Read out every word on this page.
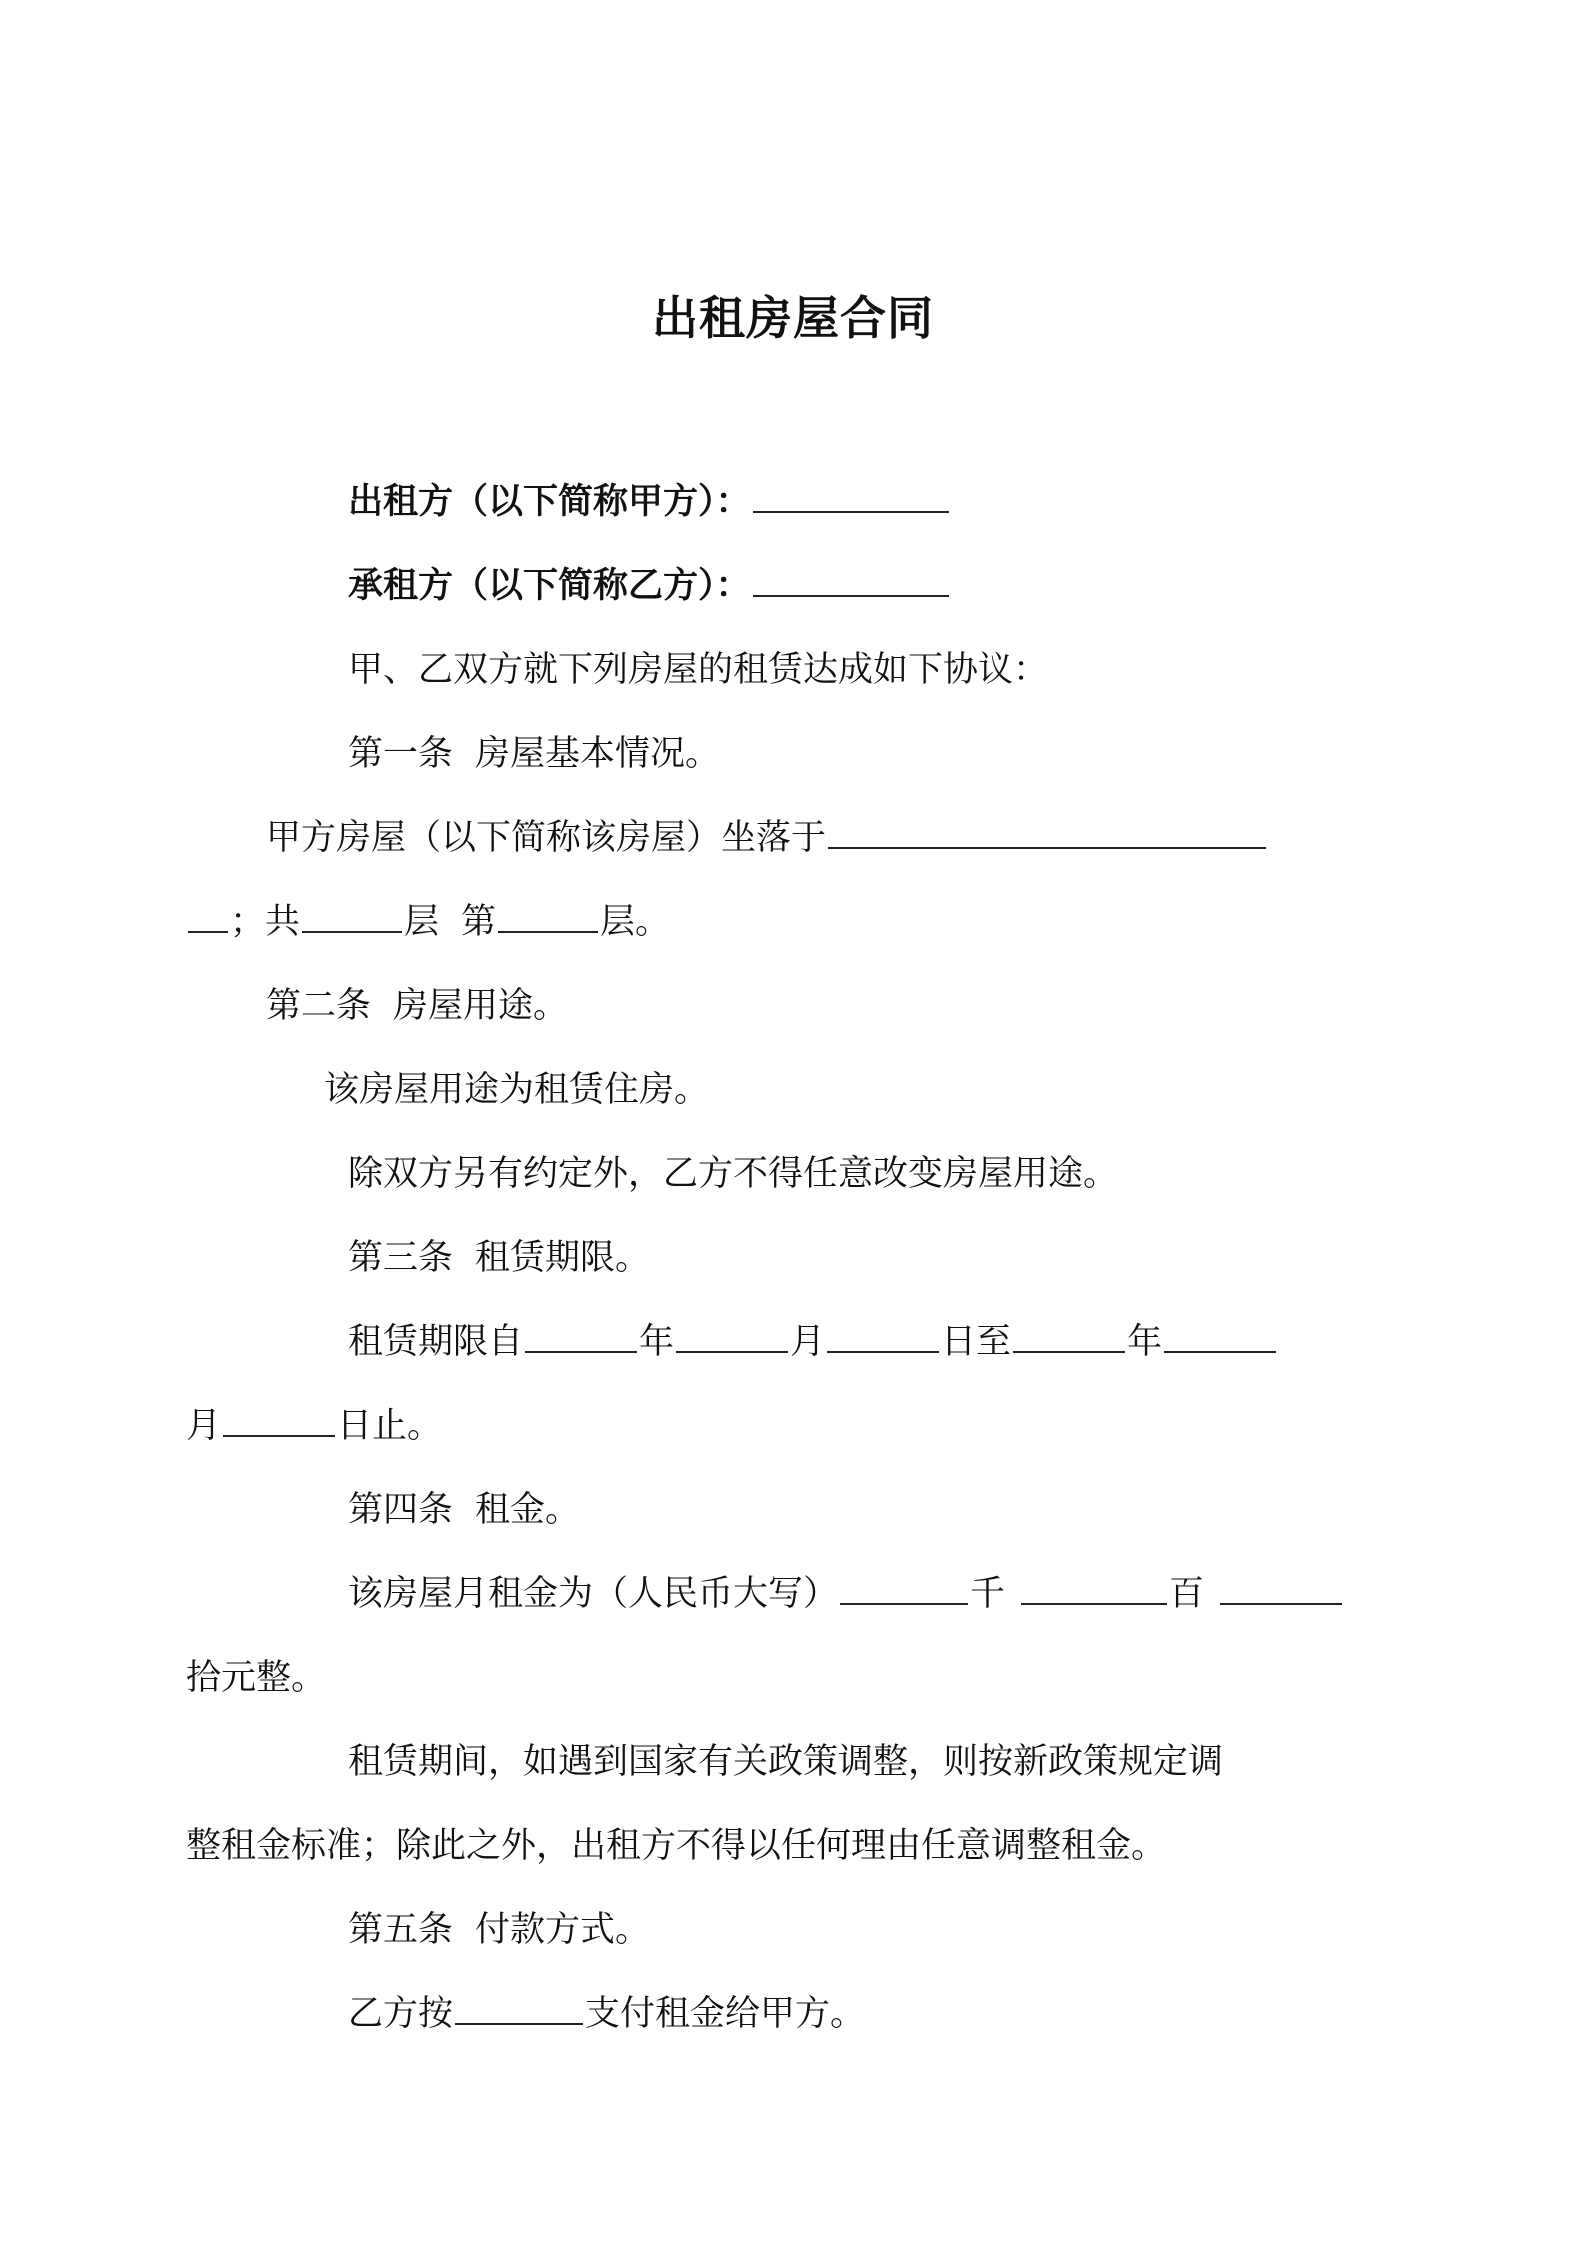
出租房屋合同
出租方（以下简称甲方）：
承租方（以下简称乙方）：
甲、乙双方就下列房屋的租赁达成如下协议：
第一条 房屋基本情况。
甲方房屋（以下简称该房屋）坐落于
；共	层 第	层。
第二条 房屋用途。
该房屋用途为租赁住房。
除双方另有约定外，乙方不得任意改变房屋用途。
第三条 租赁期限。
租赁期限自	年	月	日至	年
月	日止。
第四条 租金。
该房屋月租金为（人民币大写）	千	百
拾元整。
租赁期间，如遇到国家有关政策调整，则按新政策规定调
整租金标准；除此之外，出租方不得以任何理由任意调整租金。
第五条 付款方式。
乙方按	支付租金给甲方。
